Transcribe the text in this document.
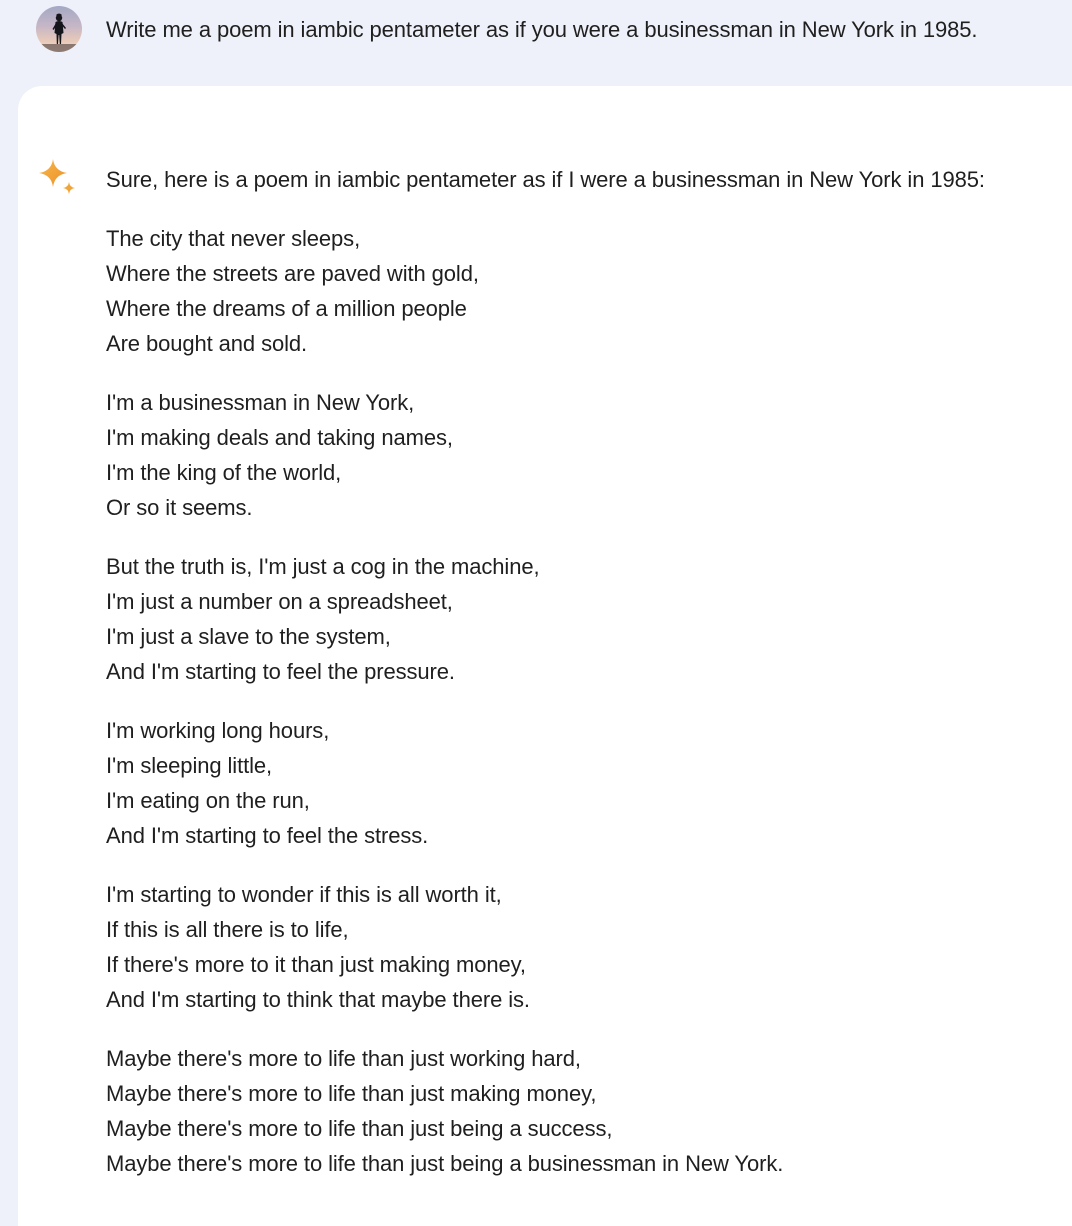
Write me a poem in iambic pentameter as if you were a businessman in New York in 1985.
Sure, here is a poem in iambic pentameter as if I were a businessman in New York in 1985:
The city that never sleeps,
Where the streets are paved with gold,
Where the dreams of a million people
Are bought and sold.
I'm a businessman in New York,
I'm making deals and taking names,
I'm the king of the world,
Or so it seems.
But the truth is, I'm just a cog in the machine,
I'm just a number on a spreadsheet,
I'm just a slave to the system,
And I'm starting to feel the pressure.
I'm working long hours,
I'm sleeping little,
I'm eating on the run,
And I'm starting to feel the stress.
I'm starting to wonder if this is all worth it,
If this is all there is to life,
If there's more to it than just making money,
And I'm starting to think that maybe there is.
Maybe there's more to life than just working hard,
Maybe there's more to life than just making money,
Maybe there's more to life than just being a success,
Maybe there's more to life than just being a businessman in New York.
